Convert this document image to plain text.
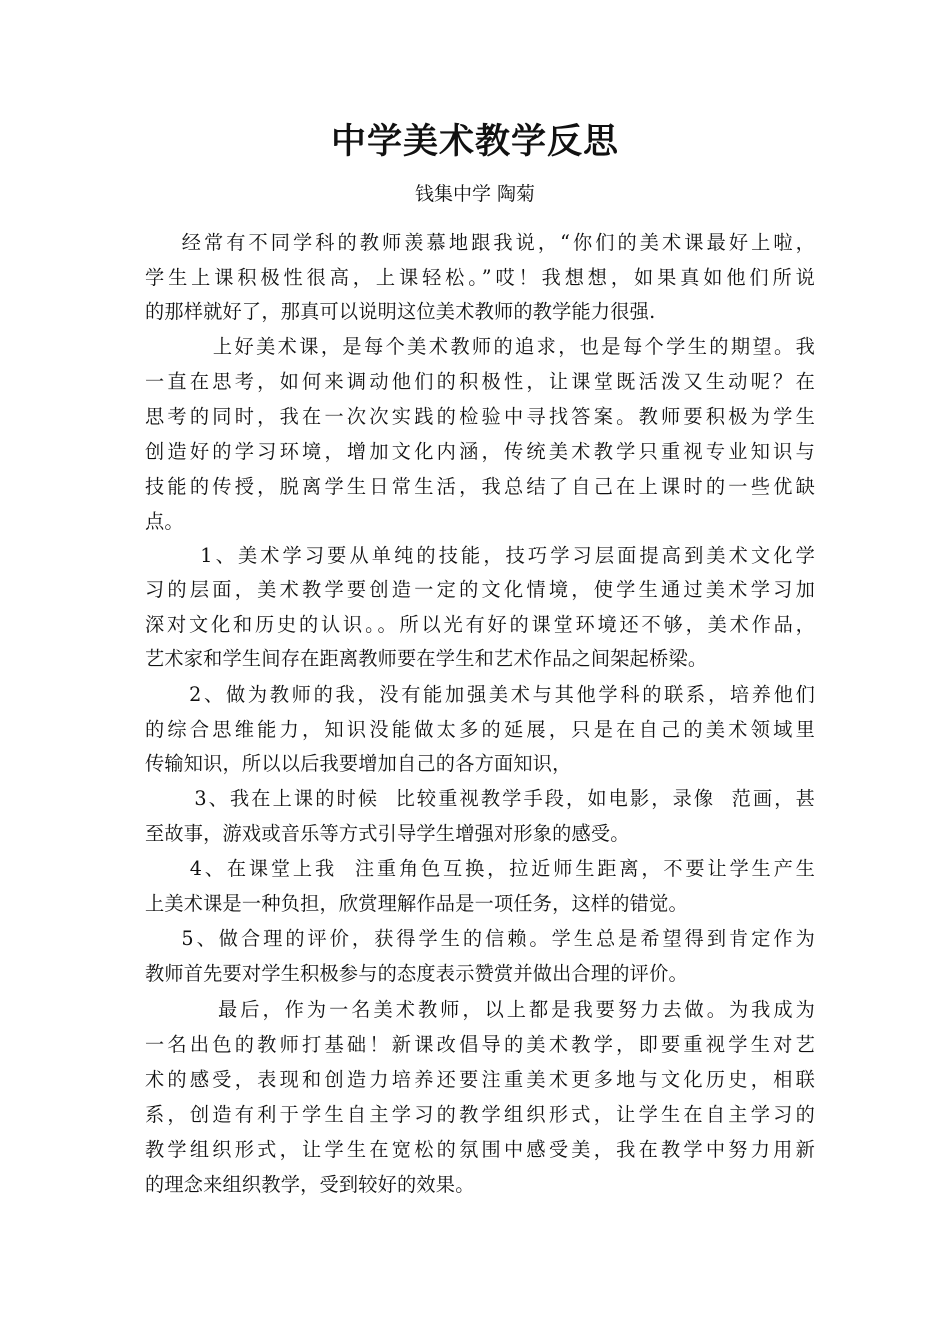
中学美术教学反思
钱集中学 陶菊
经常有不同学科的教师羡慕地跟我说，“你们的美术课最好上啦，
学生上课积极性很高，上课轻松。”哎！我想想，如果真如他们所说
的那样就好了，那真可以说明这位美术教师的教学能力很强.
上好美术课，是每个美术教师的追求，也是每个学生的期望。我
一直在思考，如何来调动他们的积极性，让课堂既活泼又生动呢？在
思考的同时，我在一次次实践的检验中寻找答案。教师要积极为学生
创造好的学习环境，增加文化内涵，传统美术教学只重视专业知识与
技能的传授，脱离学生日常生活，我总结了自己在上课时的一些优缺
点。
1、美术学习要从单纯的技能，技巧学习层面提高到美术文化学
习的层面，美术教学要创造一定的文化情境，使学生通过美术学习加
深对文化和历史的认识。。所以光有好的课堂环境还不够，美术作品，
艺术家和学生间存在距离教师要在学生和艺术作品之间架起桥梁。
2、做为教师的我，没有能加强美术与其他学科的联系，培养他们
的综合思维能力，知识没能做太多的延展，只是在自己的美术领域里
传输知识，所以以后我要增加自己的各方面知识，
3、我在上课的时候  比较重视教学手段，如电影，录像  范画，甚
至故事，游戏或音乐等方式引导学生增强对形象的感受。
4、在课堂上我  注重角色互换，拉近师生距离，不要让学生产生
上美术课是一种负担，欣赏理解作品是一项任务，这样的错觉。
5、做合理的评价，获得学生的信赖。学生总是希望得到肯定作为
教师首先要对学生积极参与的态度表示赞赏并做出合理的评价。
最后，作为一名美术教师，以上都是我要努力去做。为我成为
一名出色的教师打基础！新课改倡导的美术教学，即要重视学生对艺
术的感受，表现和创造力培养还要注重美术更多地与文化历史，相联
系，创造有利于学生自主学习的教学组织形式，让学生在自主学习的
教学组织形式，让学生在宽松的氛围中感受美，我在教学中努力用新
的理念来组织教学，受到较好的效果。
